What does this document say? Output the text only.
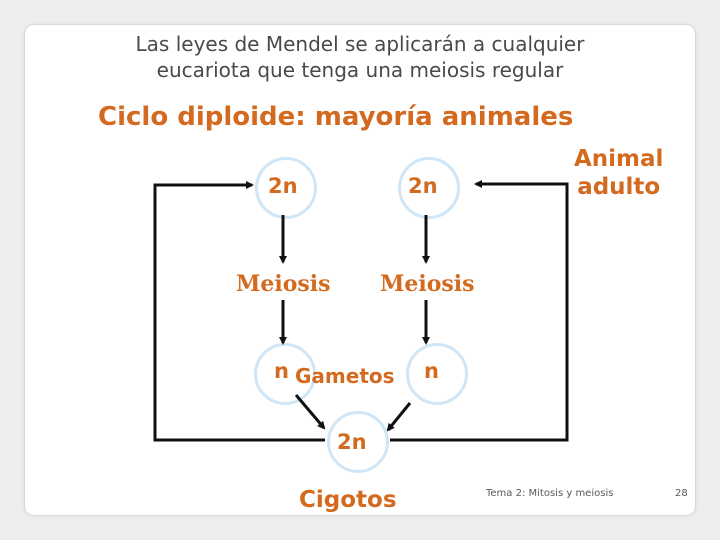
Las leyes de Mendel se aplicarán a cualquier
eucariota que tenga una meiosis regular
Ciclo diploide: mayoría animales
2n	2n
Animal
adulto
Meiosis Meiosis
n Gametos n
2n
Cigotos	Tema 2: Mitosis y meiosis	28
